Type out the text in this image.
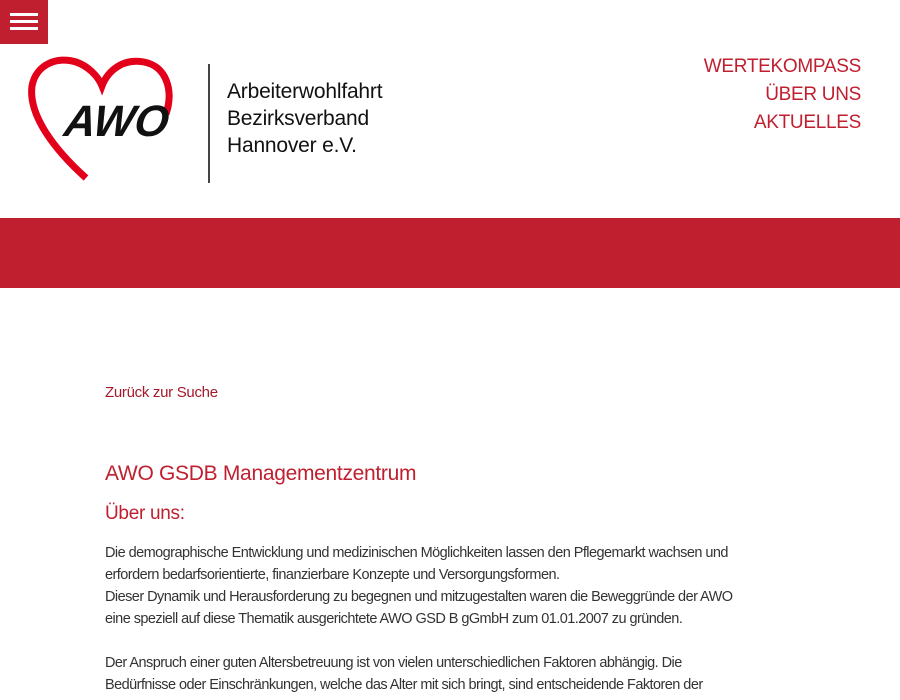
AWO
Arbeiterwohlfahrt
Bezirksverband
Hannover e.V.
WERTEKOMPASS
ÜBER UNS
AKTUELLES
Zurück zur Suche
AWO GSDB Managementzentrum
Über uns:
Die demographische Entwicklung und medizinischen Möglichkeiten lassen den Pflegemarkt wachsen und
erfordern bedarfsorientierte, finanzierbare Konzepte und Versorgungsformen.
Dieser Dynamik und Herausforderung zu begegnen und mitzugestalten waren die Beweggründe der AWO
eine speziell auf diese Thematik ausgerichtete AWO GSD B gGmbH zum 01.01.2007 zu gründen.
Der Anspruch einer guten Altersbetreuung ist von vielen unterschiedlichen Faktoren abhängig. Die
Bedürfnisse oder Einschränkungen, welche das Alter mit sich bringt, sind entscheidende Faktoren der
